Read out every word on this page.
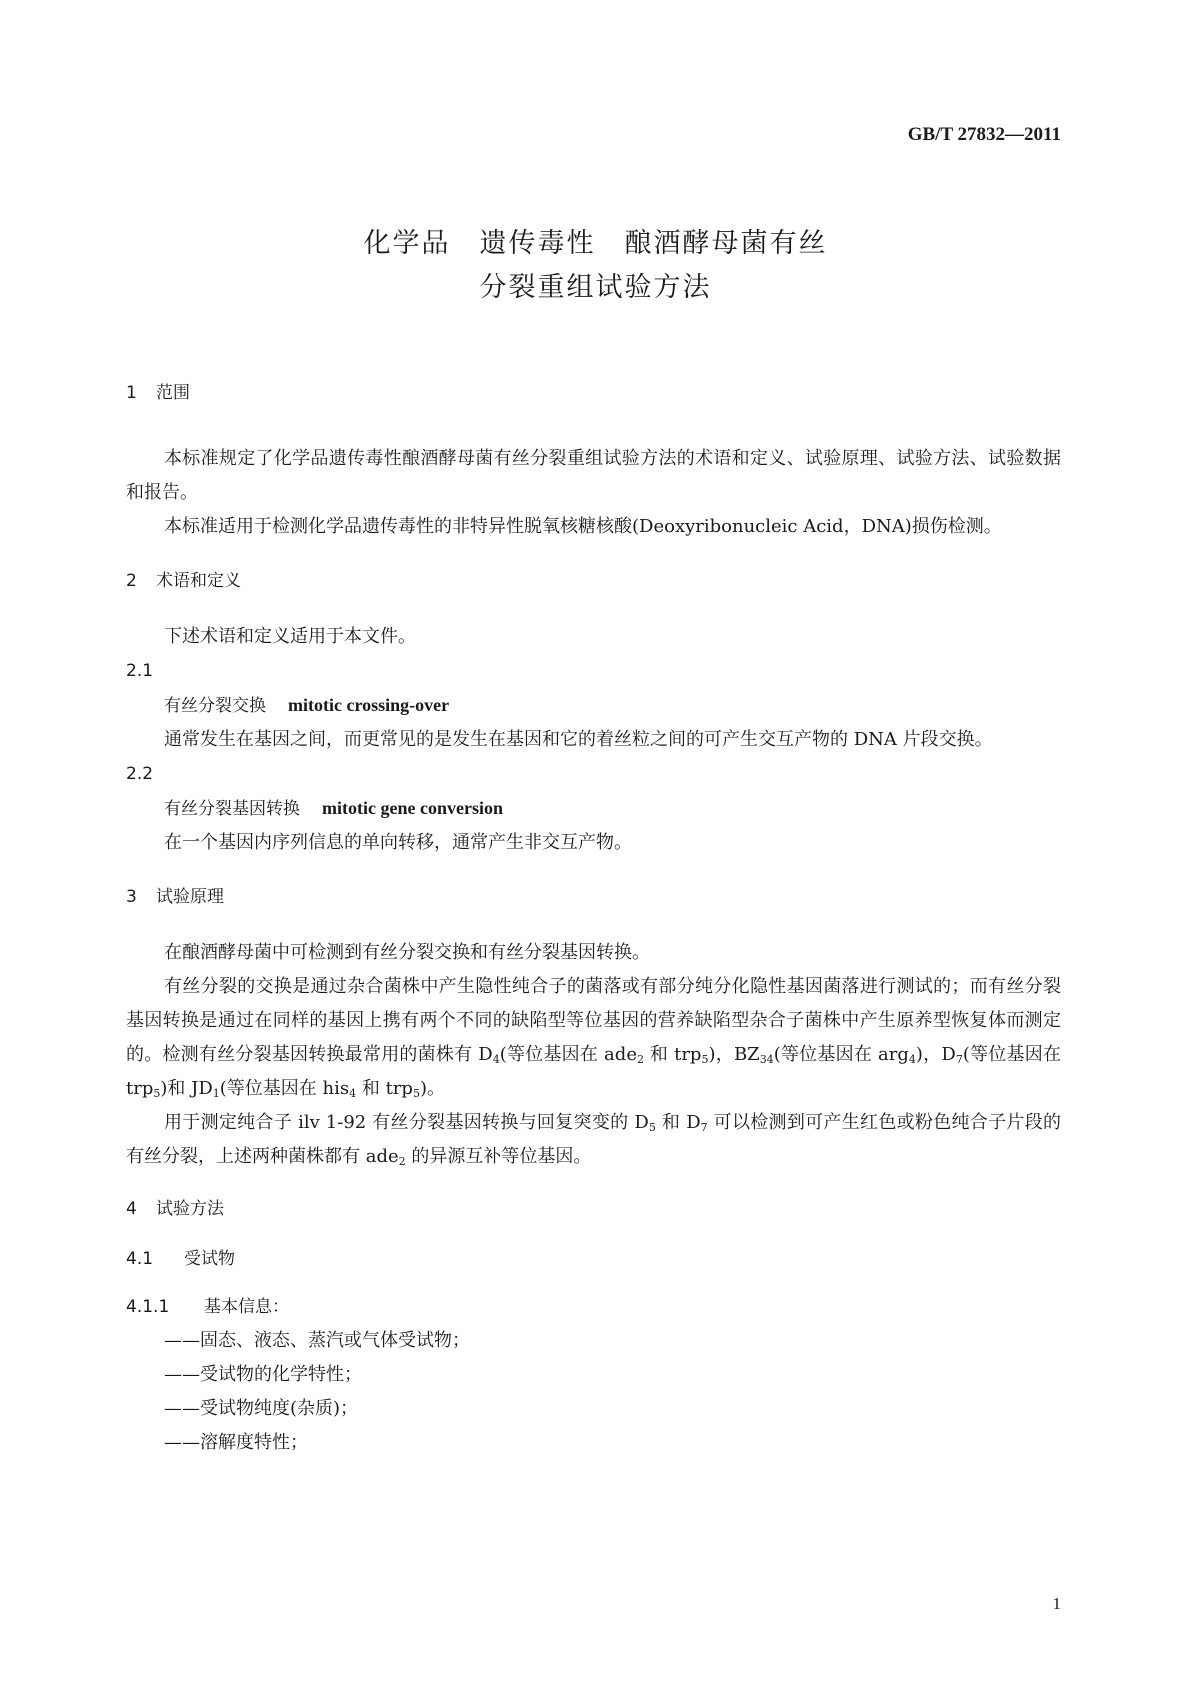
GB/T 27832—2011
化学品　遗传毒性　酿酒酵母菌有丝
分裂重组试验方法
1 范围
本标准规定了化学品遗传毒性酿酒酵母菌有丝分裂重组试验方法的术语和定义、试验原理、试验方法、试验数据和报告。
本标准适用于检测化学品遗传毒性的非特异性脱氧核糖核酸(Deoxyribonucleic Acid，DNA)损伤检测。
2 术语和定义
下述术语和定义适用于本文件。
2.1
有丝分裂交换 mitotic crossing-over
通常发生在基因之间，而更常见的是发生在基因和它的着丝粒之间的可产生交互产物的 DNA 片段交换。
2.2
有丝分裂基因转换 mitotic gene conversion
在一个基因内序列信息的单向转移，通常产生非交互产物。
3 试验原理
在酿酒酵母菌中可检测到有丝分裂交换和有丝分裂基因转换。
有丝分裂的交换是通过杂合菌株中产生隐性纯合子的菌落或有部分纯分化隐性基因菌落进行测试的；而有丝分裂基因转换是通过在同样的基因上携有两个不同的缺陷型等位基因的营养缺陷型杂合子菌株中产生原养型恢复体而测定的。检测有丝分裂基因转换最常用的菌株有 $D_4$(等位基因在 ade$_2$ 和 trp$_5$)，$BZ_{34}$(等位基因在 arg$_4$)，$D_7$(等位基因在 trp$_5$)和 $JD_1$(等位基因在 his$_4$ 和 trp$_5$)。
用于测定纯合子 ilv 1-92 有丝分裂基因转换与回复突变的 $D_5$ 和 $D_7$ 可以检测到可产生红色或粉色纯合子片段的有丝分裂，上述两种菌株都有 ade$_2$ 的异源互补等位基因。
4 试验方法
4.1 受试物
4.1.1 基本信息：
——固态、液态、蒸汽或气体受试物；
——受试物的化学特性；
——受试物纯度(杂质)；
——溶解度特性；
1
